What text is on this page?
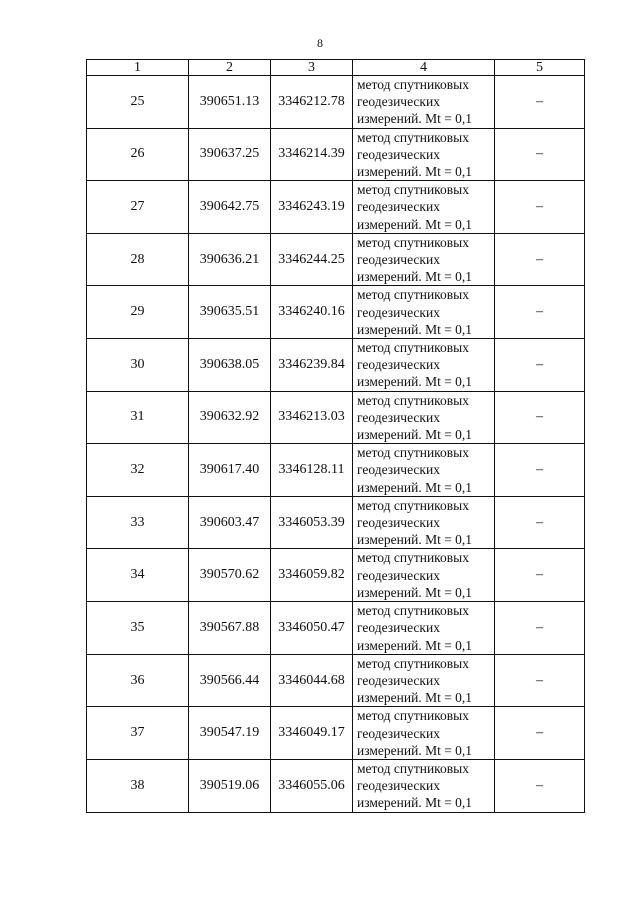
8
1	2	3	4	5
25	390651.13	3346212.78	метод спутниковых
геодезических
измерений. Mt = 0,1	–
26	390637.25	3346214.39	метод спутниковых
геодезических
измерений. Mt = 0,1	–
27	390642.75	3346243.19	метод спутниковых
геодезических
измерений. Mt = 0,1	–
28	390636.21	3346244.25	метод спутниковых
геодезических
измерений. Mt = 0,1	–
29	390635.51	3346240.16	метод спутниковых
геодезических
измерений. Mt = 0,1	–
30	390638.05	3346239.84	метод спутниковых
геодезических
измерений. Mt = 0,1	–
31	390632.92	3346213.03	метод спутниковых
геодезических
измерений. Mt = 0,1	–
32	390617.40	3346128.11	метод спутниковых
геодезических
измерений. Mt = 0,1	–
33	390603.47	3346053.39	метод спутниковых
геодезических
измерений. Mt = 0,1	–
34	390570.62	3346059.82	метод спутниковых
геодезических
измерений. Mt = 0,1	–
35	390567.88	3346050.47	метод спутниковых
геодезических
измерений. Mt = 0,1	–
36	390566.44	3346044.68	метод спутниковых
геодезических
измерений. Mt = 0,1	–
37	390547.19	3346049.17	метод спутниковых
геодезических
измерений. Mt = 0,1	–
38	390519.06	3346055.06	метод спутниковых
геодезических
измерений. Mt = 0,1	–
